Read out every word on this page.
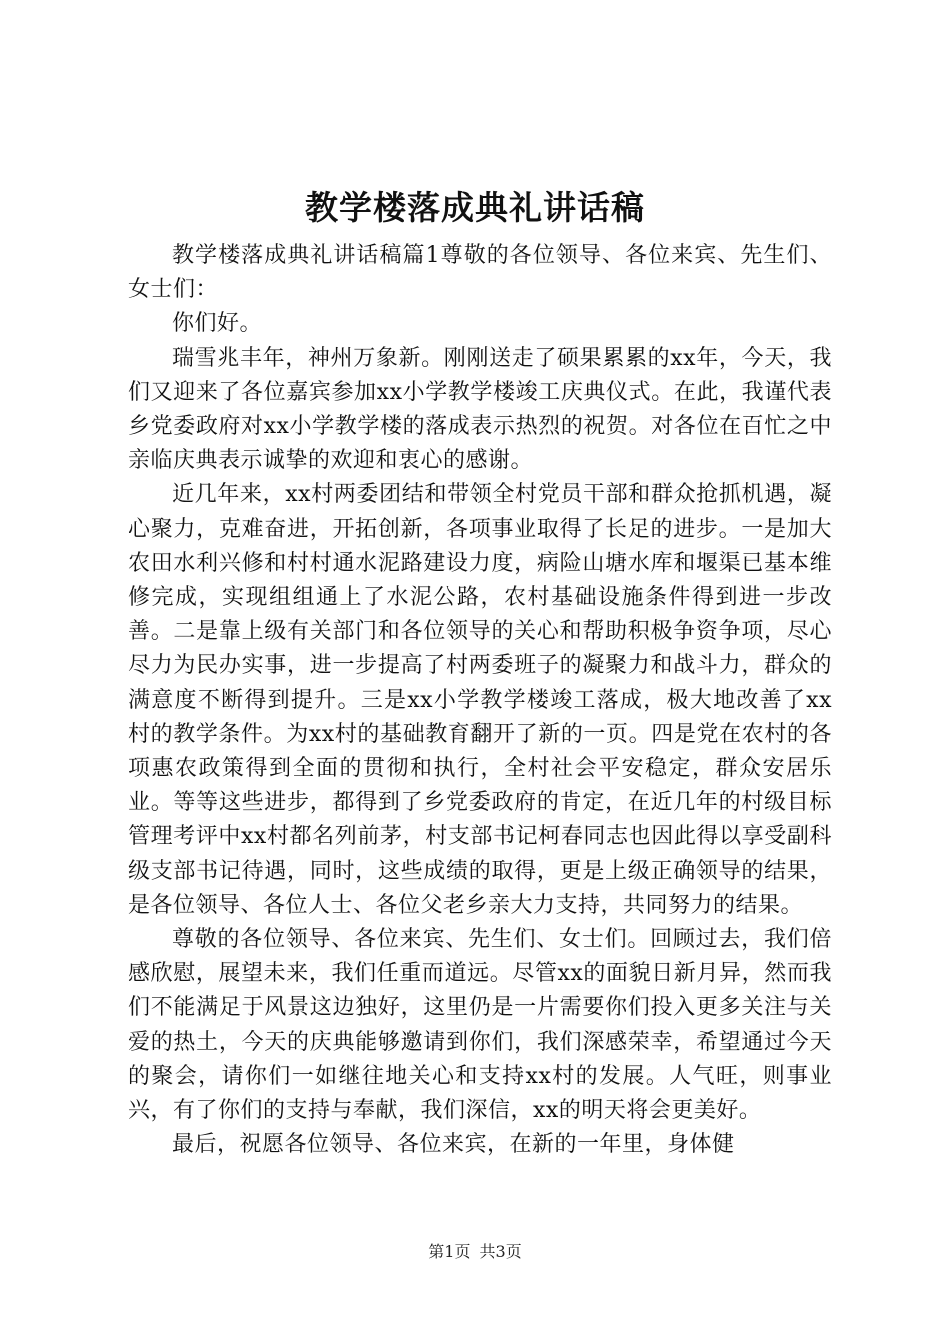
教学楼落成典礼讲话稿

教学楼落成典礼讲话稿篇1尊敬的各位领导、各位来宾、先生们、女士们：

你们好。

瑞雪兆丰年，神州万象新。刚刚送走了硕果累累的xx年，今天，我们又迎来了各位嘉宾参加xx小学教学楼竣工庆典仪式。在此，我谨代表乡党委政府对xx小学教学楼的落成表示热烈的祝贺。对各位在百忙之中亲临庆典表示诚挚的欢迎和衷心的感谢。

近几年来，xx村两委团结和带领全村党员干部和群众抢抓机遇，凝心聚力，克难奋进，开拓创新，各项事业取得了长足的进步。一是加大农田水利兴修和村村通水泥路建设力度，病险山塘水库和堰渠已基本维修完成，实现组组通上了水泥公路，农村基础设施条件得到进一步改善。二是靠上级有关部门和各位领导的关心和帮助积极争资争项，尽心尽力为民办实事，进一步提高了村两委班子的凝聚力和战斗力，群众的满意度不断得到提升。三是xx小学教学楼竣工落成，极大地改善了xx村的教学条件。为xx村的基础教育翻开了新的一页。四是党在农村的各项惠农政策得到全面的贯彻和执行，全村社会平安稳定，群众安居乐业。等等这些进步，都得到了乡党委政府的肯定，在近几年的村级目标管理考评中xx村都名列前茅，村支部书记柯春同志也因此得以享受副科级支部书记待遇，同时，这些成绩的取得，更是上级正确领导的结果，是各位领导、各位人士、各位父老乡亲大力支持，共同努力的结果。

尊敬的各位领导、各位来宾、先生们、女士们。回顾过去，我们倍感欣慰，展望未来，我们任重而道远。尽管xx的面貌日新月异，然而我们不能满足于风景这边独好，这里仍是一片需要你们投入更多关注与关爱的热土，今天的庆典能够邀请到你们，我们深感荣幸，希望通过今天的聚会，请你们一如继往地关心和支持xx村的发展。人气旺，则事业兴，有了你们的支持与奉献，我们深信，xx的明天将会更美好。

最后，祝愿各位领导、各位来宾，在新的一年里，身体健

第1页 共3页
